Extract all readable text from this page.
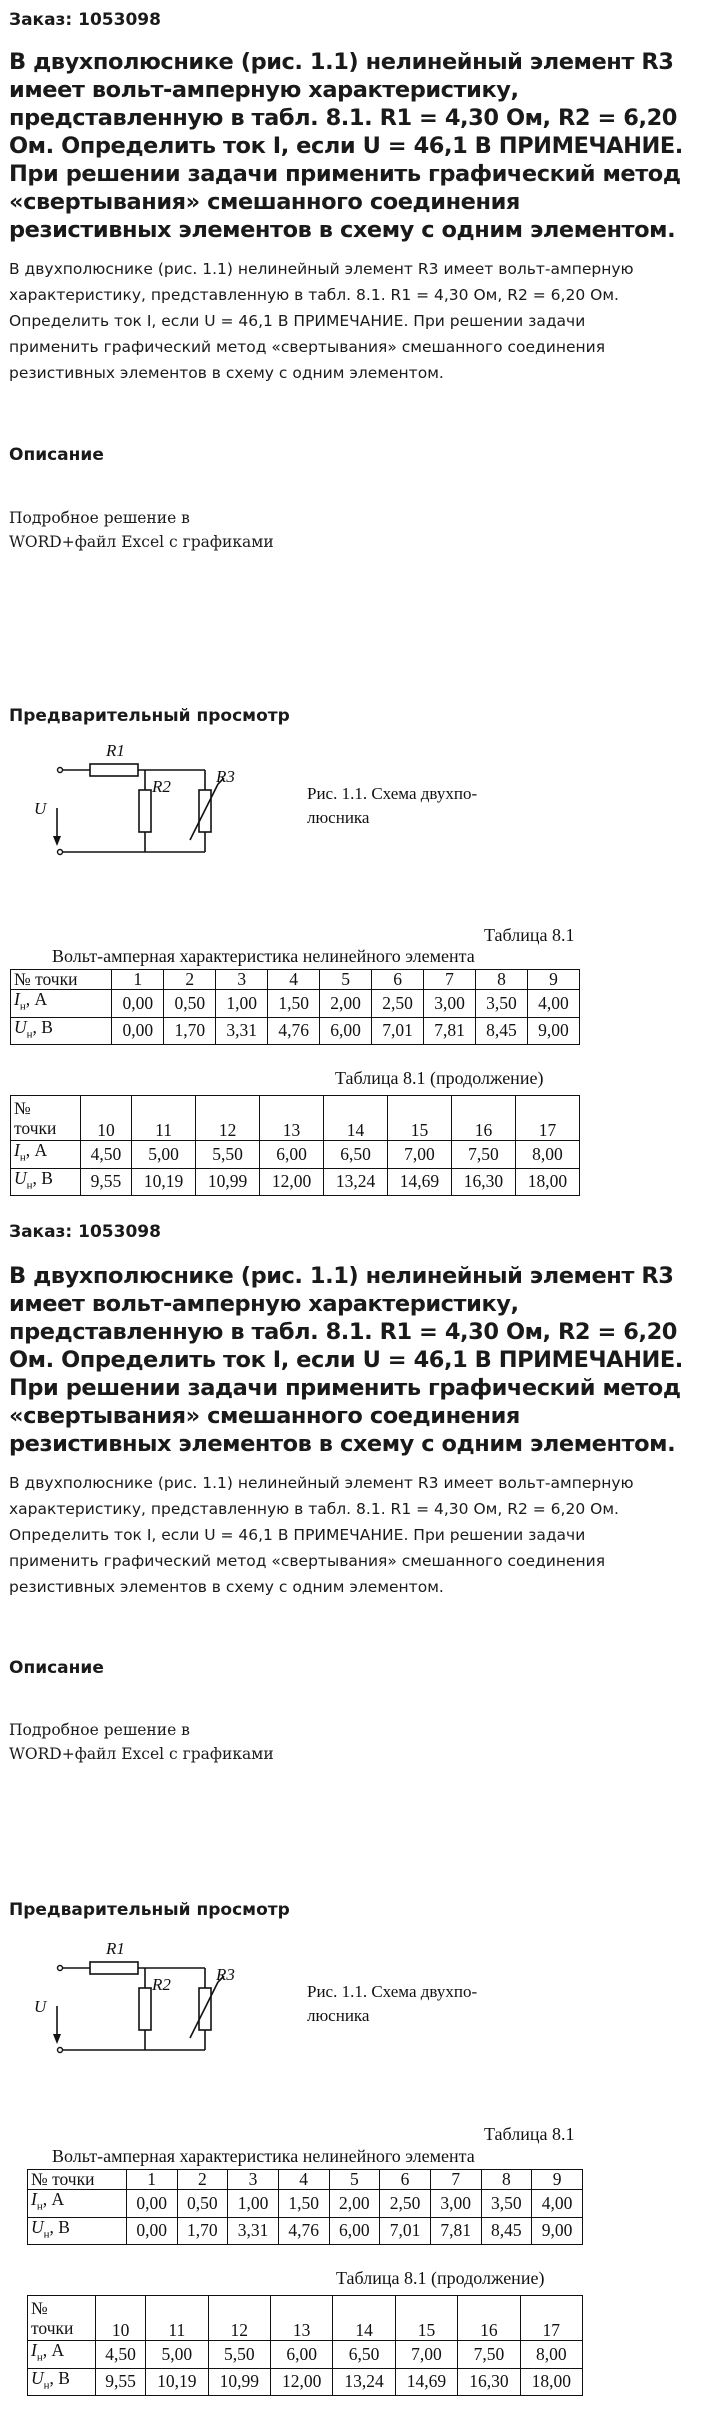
Заказ: 1053098
В двухполюснике (рис. 1.1) нелинейный элемент R3 имеет вольт-амперную характеристику, представленную в табл. 8.1. R1 = 4,30 Ом, R2 = 6,20 Ом. Определить ток I, если U = 46,1 В ПРИМЕЧАНИЕ. При решении задачи применить графический метод «свертывания» смешанного соединения резистивных элементов в схему с одним элементом.
В двухполюснике (рис. 1.1) нелинейный элемент R3 имеет вольт-амперную характеристику, представленную в табл. 8.1. R1 = 4,30 Ом, R2 = 6,20 Ом. Определить ток I, если U = 46,1 В ПРИМЕЧАНИЕ. При решении задачи применить графический метод «свертывания» смешанного соединения резистивных элементов в схему с одним элементом.
Описание
Подробное решение в
WORD+файл Excel с графиками
Предварительный просмотр
R1
R2
R3
U
Рис. 1.1. Схема двухпо-
люсника
Таблица 8.1
Вольт-амперная характеристика нелинейного элемента
№ точки	1	2	3	4	5	6	7	8	9
$I_н$, А	0,00	0,50	1,00	1,50	2,00	2,50	3,00	3,50	4,00
$U_н$, В	0,00	1,70	3,31	4,76	6,00	7,01	7,81	8,45	9,00
Таблица 8.1 (продолжение)
№
точки	10	11	12	13	14	15	16	17
$I_н$, А	4,50	5,00	5,50	6,00	6,50	7,00	7,50	8,00
$U_н$, В	9,55	10,19	10,99	12,00	13,24	14,69	16,30	18,00
Заказ: 1053098
В двухполюснике (рис. 1.1) нелинейный элемент R3 имеет вольт-амперную характеристику, представленную в табл. 8.1. R1 = 4,30 Ом, R2 = 6,20 Ом. Определить ток I, если U = 46,1 В ПРИМЕЧАНИЕ. При решении задачи применить графический метод «свертывания» смешанного соединения резистивных элементов в схему с одним элементом.
В двухполюснике (рис. 1.1) нелинейный элемент R3 имеет вольт-амперную характеристику, представленную в табл. 8.1. R1 = 4,30 Ом, R2 = 6,20 Ом. Определить ток I, если U = 46,1 В ПРИМЕЧАНИЕ. При решении задачи применить графический метод «свертывания» смешанного соединения резистивных элементов в схему с одним элементом.
Описание
Подробное решение в
WORD+файл Excel с графиками
Предварительный просмотр
R1
R2
R3
U
Рис. 1.1. Схема двухпо-
люсника
Таблица 8.1
Вольт-амперная характеристика нелинейного элемента
№ точки	1	2	3	4	5	6	7	8	9
$I_н$, А	0,00	0,50	1,00	1,50	2,00	2,50	3,00	3,50	4,00
$U_н$, В	0,00	1,70	3,31	4,76	6,00	7,01	7,81	8,45	9,00
Таблица 8.1 (продолжение)
№
точки	10	11	12	13	14	15	16	17
$I_н$, А	4,50	5,00	5,50	6,00	6,50	7,00	7,50	8,00
$U_н$, В	9,55	10,19	10,99	12,00	13,24	14,69	16,30	18,00
